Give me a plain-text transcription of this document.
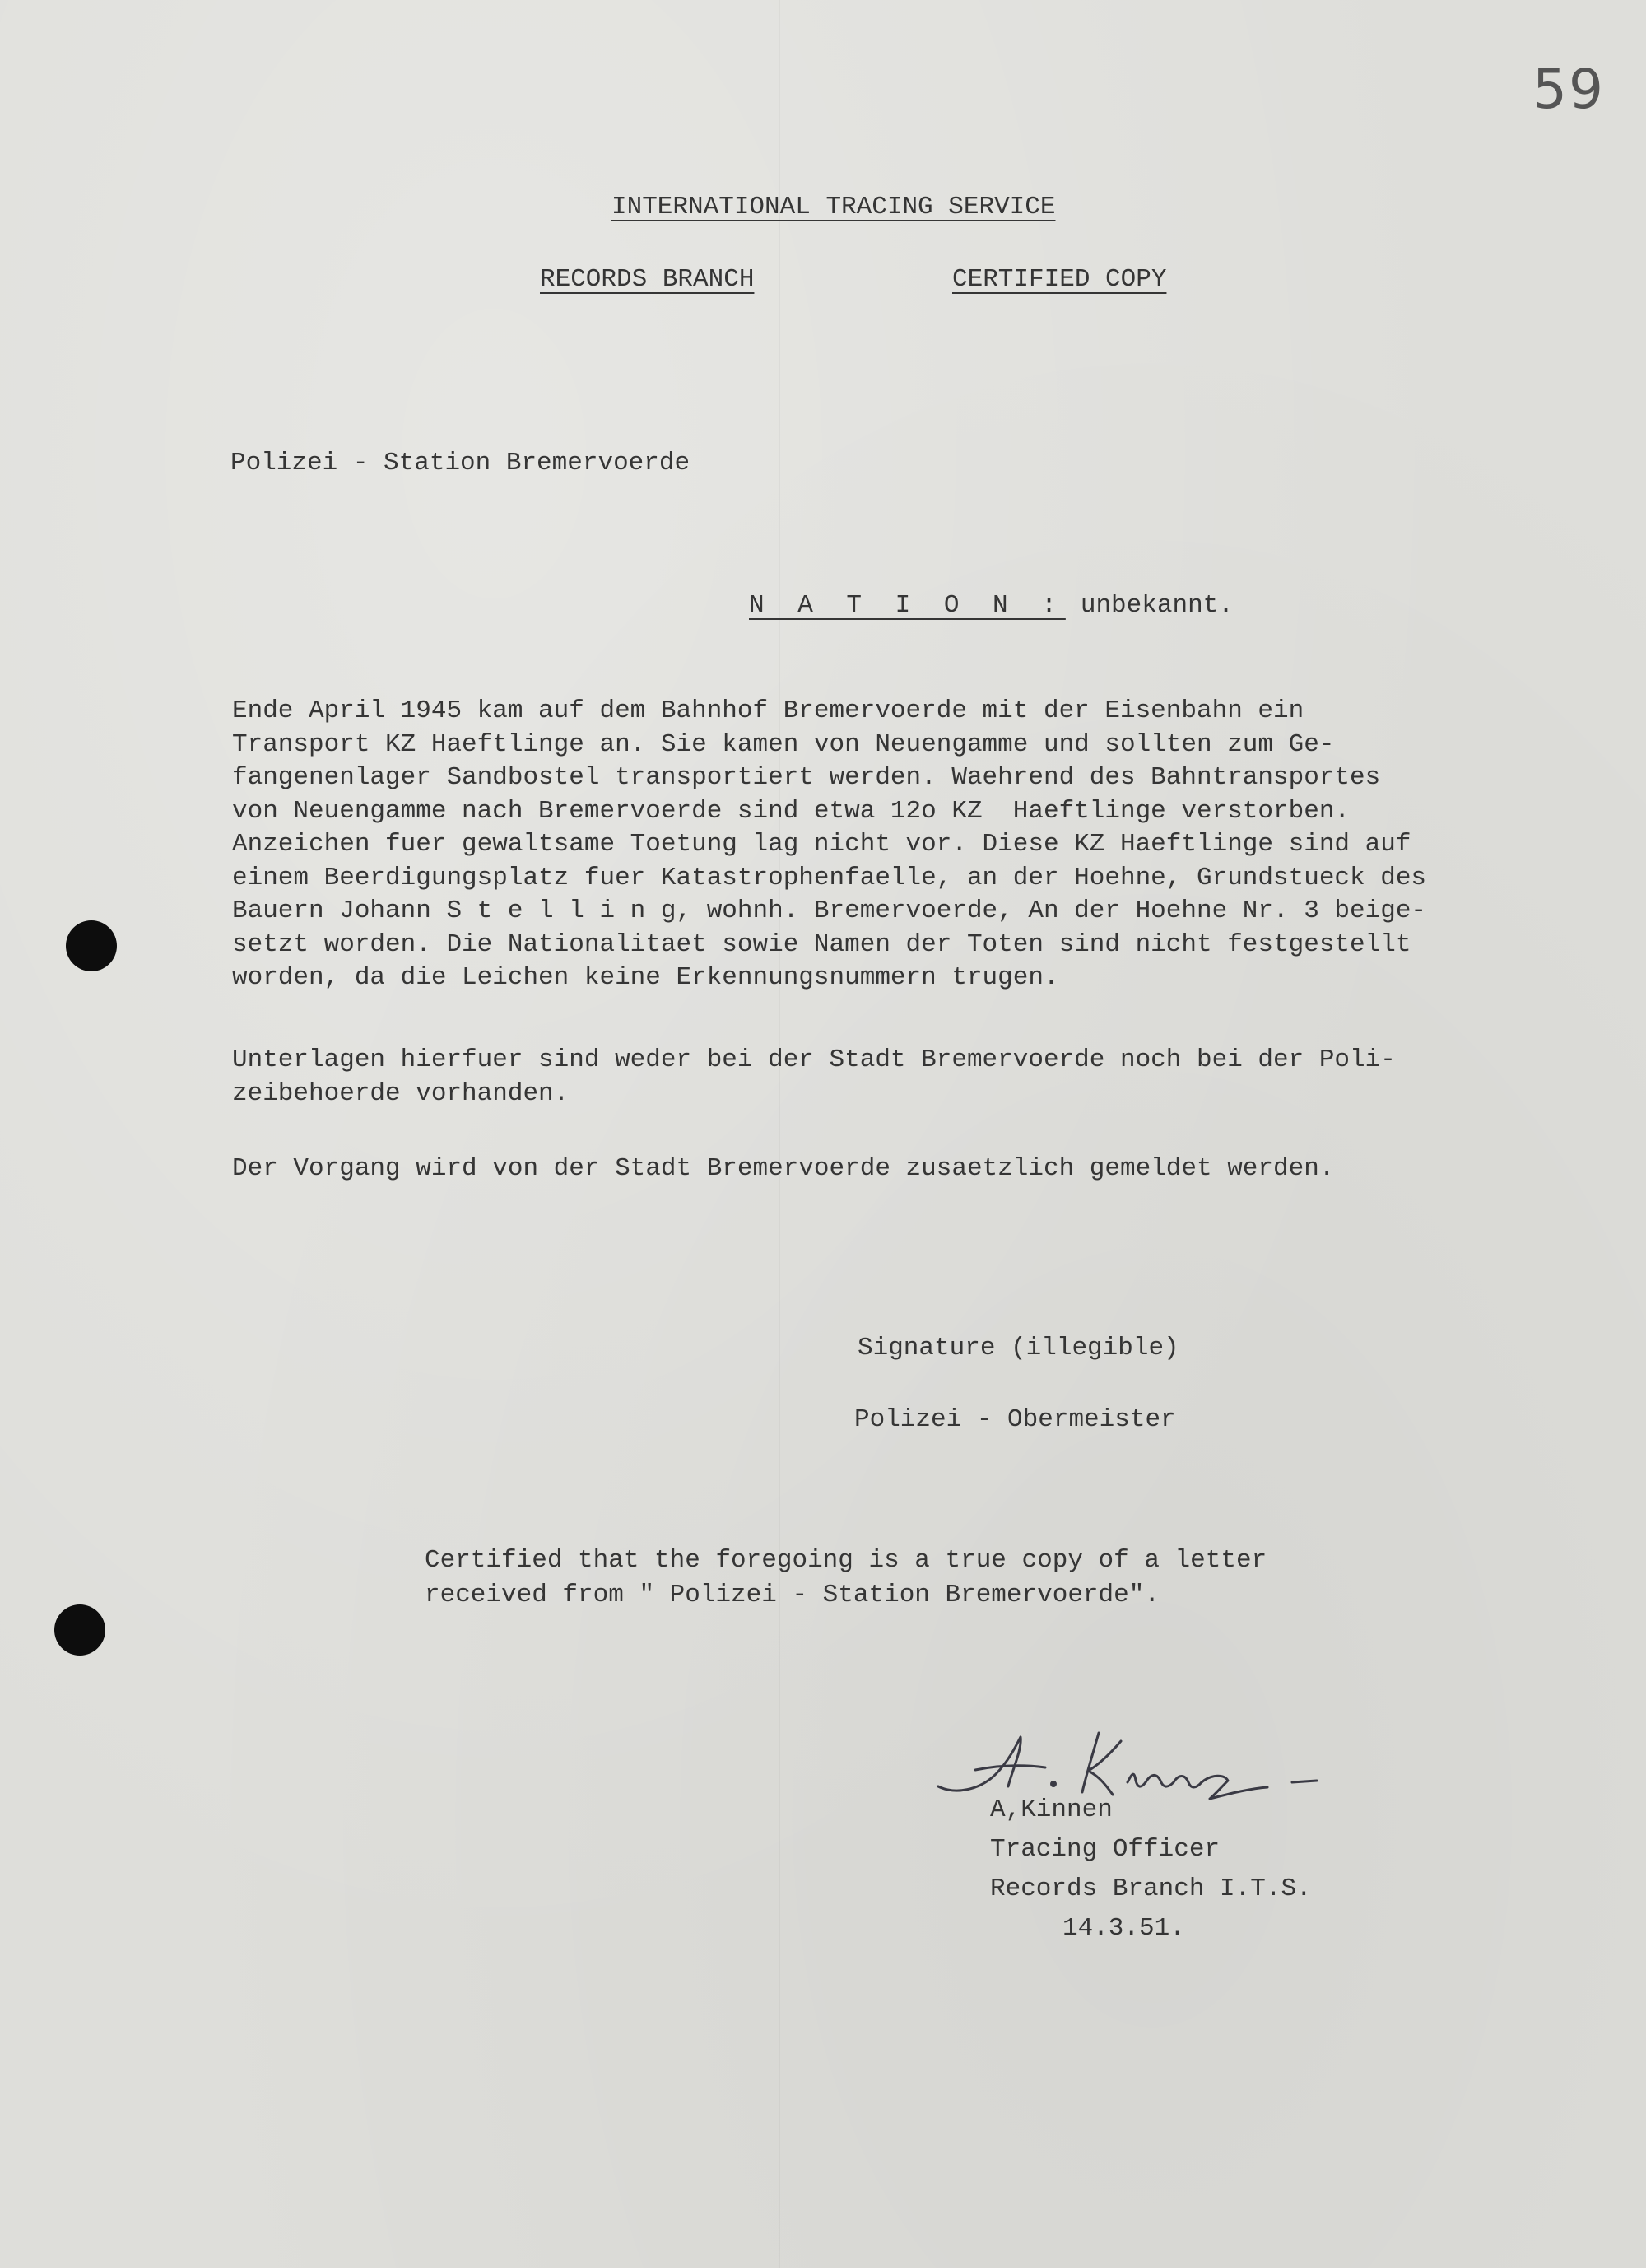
59
INTERNATIONAL TRACING SERVICE
RECORDS BRANCH	CERTIFIED COPY
Polizei - Station Bremervoerde
N A T I O N : unbekannt.
Ende April 1945 kam auf dem Bahnhof Bremervoerde mit der Eisenbahn ein
Transport KZ Haeftlinge an. Sie kamen von Neuengamme und sollten zum Ge-
fangenenlager Sandbostel transportiert werden. Waehrend des Bahntransportes
von Neuengamme nach Bremervoerde sind etwa 12o KZ  Haeftlinge verstorben.
Anzeichen fuer gewaltsame Toetung lag nicht vor. Diese KZ Haeftlinge sind auf
einem Beerdigungsplatz fuer Katastrophenfaelle, an der Hoehne, Grundstueck des
Bauern Johann S t e l l i n g, wohnh. Bremervoerde, An der Hoehne Nr. 3 beige-
setzt worden. Die Nationalitaet sowie Namen der Toten sind nicht festgestellt
worden, da die Leichen keine Erkennungsnummern trugen.
Unterlagen hierfuer sind weder bei der Stadt Bremervoerde noch bei der Poli-
zeibehoerde vorhanden.
Der Vorgang wird von der Stadt Bremervoerde zusaetzlich gemeldet werden.
Signature (illegible)
Polizei - Obermeister
Certified that the foregoing is a true copy of a letter
received from " Polizei - Station Bremervoerde".
A,Kinnen
Tracing Officer
Records Branch I.T.S.
14.3.51.
